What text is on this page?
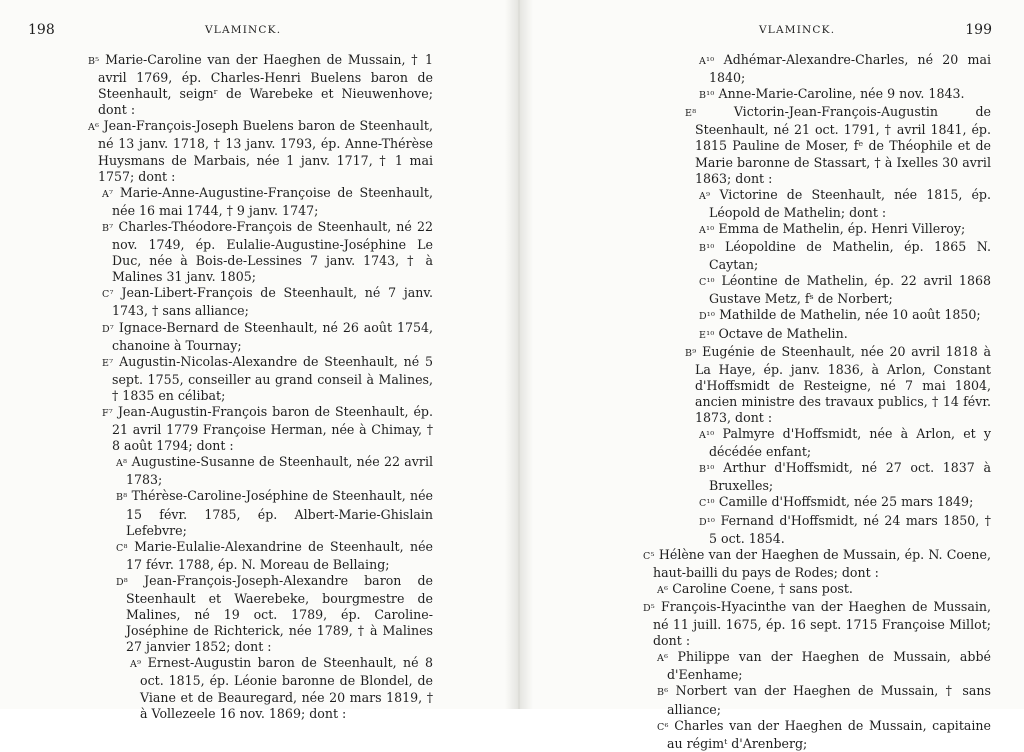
198	VLAMINCK.

B⁵ Marie-Caroline van der Haeghen de Mussain, † 1 avril 1769, ép. Charles-Henri Buelens baron de Steenhault, seignʳ de Warebeke et Nieuwenhove; dont :

A⁶ Jean-François-Joseph Buelens baron de Steenhault, né 13 janv. 1718, † 13 janv. 1793, ép. Anne-Thérèse Huysmans de Marbais, née 1 janv. 1717, † 1 mai 1757; dont :

A⁷ Marie-Anne-Augustine-Françoise de Steenhault, née 16 mai 1744, † 9 janv. 1747;

B⁷ Charles-Théodore-François de Steenhault, né 22 nov. 1749, ép. Eulalie-Augustine-Joséphine Le Duc, née à Bois-de-Lessines 7 janv. 1743, † à Malines 31 janv. 1805;

C⁷ Jean-Libert-François de Steenhault, né 7 janv. 1743, † sans alliance;

D⁷ Ignace-Bernard de Steenhault, né 26 août 1754, chanoine à Tournay;

E⁷ Augustin-Nicolas-Alexandre de Steenhault, né 5 sept. 1755, conseiller au grand conseil à Malines, † 1835 en célibat;

F⁷ Jean-Augustin-François baron de Steenhault, ép. 21 avril 1779 Françoise Herman, née à Chimay, † 8 août 1794; dont :

A⁸ Augustine-Susanne de Steenhault, née 22 avril 1783;

B⁸ Thérèse-Caroline-Joséphine de Steenhault, née 15 févr. 1785, ép. Albert-Marie-Ghislain Lefebvre;

C⁸ Marie-Eulalie-Alexandrine de Steenhault, née 17 févr. 1788, ép. N. Moreau de Bellaing;

D⁸ Jean-François-Joseph-Alexandre baron de Steenhault et Waerebeke, bourgmestre de Malines, né 19 oct. 1789, ép. Caroline-Joséphine de Richterick, née 1789, † à Malines 27 janvier 1852; dont :

A⁹ Ernest-Augustin baron de Steenhault, né 8 oct. 1815, ép. Léonie baronne de Blondel, de Viane et de Beauregard, née 20 mars 1819, † à Vollezeele 16 nov. 1869; dont :

VLAMINCK.	199

A¹⁰ Adhémar-Alexandre-Charles, né 20 mai 1840;

B¹⁰ Anne-Marie-Caroline, née 9 nov. 1843.

E⁸	Victorin-Jean-François-Augustin de Steenhault, né 21 oct. 1791, † avril 1841, ép. 1815 Pauline de Moser, fᵉ de Théophile et de Marie baronne de Stassart, † à Ixelles 30 avril 1863; dont :

A⁹ Victorine de Steenhault, née 1815, ép. Léopold de Mathelin; dont :

A¹⁰ Emma de Mathelin, ép. Henri Villeroy;

B¹⁰ Léopoldine de Mathelin, ép. 1865 N. Caytan;

C¹⁰ Léontine de Mathelin, ép. 22 avril 1868 Gustave Metz, fˢ de Norbert;

D¹⁰ Mathilde de Mathelin, née 10 août 1850;

E¹⁰ Octave de Mathelin.

B⁹ Eugénie de Steenhault, née 20 avril 1818 à La Haye, ép. janv. 1836, à Arlon, Constant d'Hoffsmidt de Resteigne, né 7 mai 1804, ancien ministre des travaux publics, † 14 févr. 1873, dont :

A¹⁰ Palmyre d'Hoffsmidt, née à Arlon, et y décédée enfant;

B¹⁰ Arthur d'Hoffsmidt, né 27 oct. 1837 à Bruxelles;

C¹⁰ Camille d'Hoffsmidt, née 25 mars 1849;

D¹⁰ Fernand d'Hoffsmidt, né 24 mars 1850, † 5 oct. 1854.

C⁵ Hélène van der Haeghen de Mussain, ép. N. Coene, haut-bailli du pays de Rodes; dont :

A⁶ Caroline Coene, † sans post.

D⁵ François-Hyacinthe van der Haeghen de Mussain, né 11 juill. 1675, ép. 16 sept. 1715 Françoise Millot; dont :

A⁶ Philippe van der Haeghen de Mussain, abbé d'Eenhame;

B⁶ Norbert van der Haeghen de Mussain, † sans alliance;

C⁶ Charles van der Haeghen de Mussain, capitaine au régimᵗ d'Arenberg;
